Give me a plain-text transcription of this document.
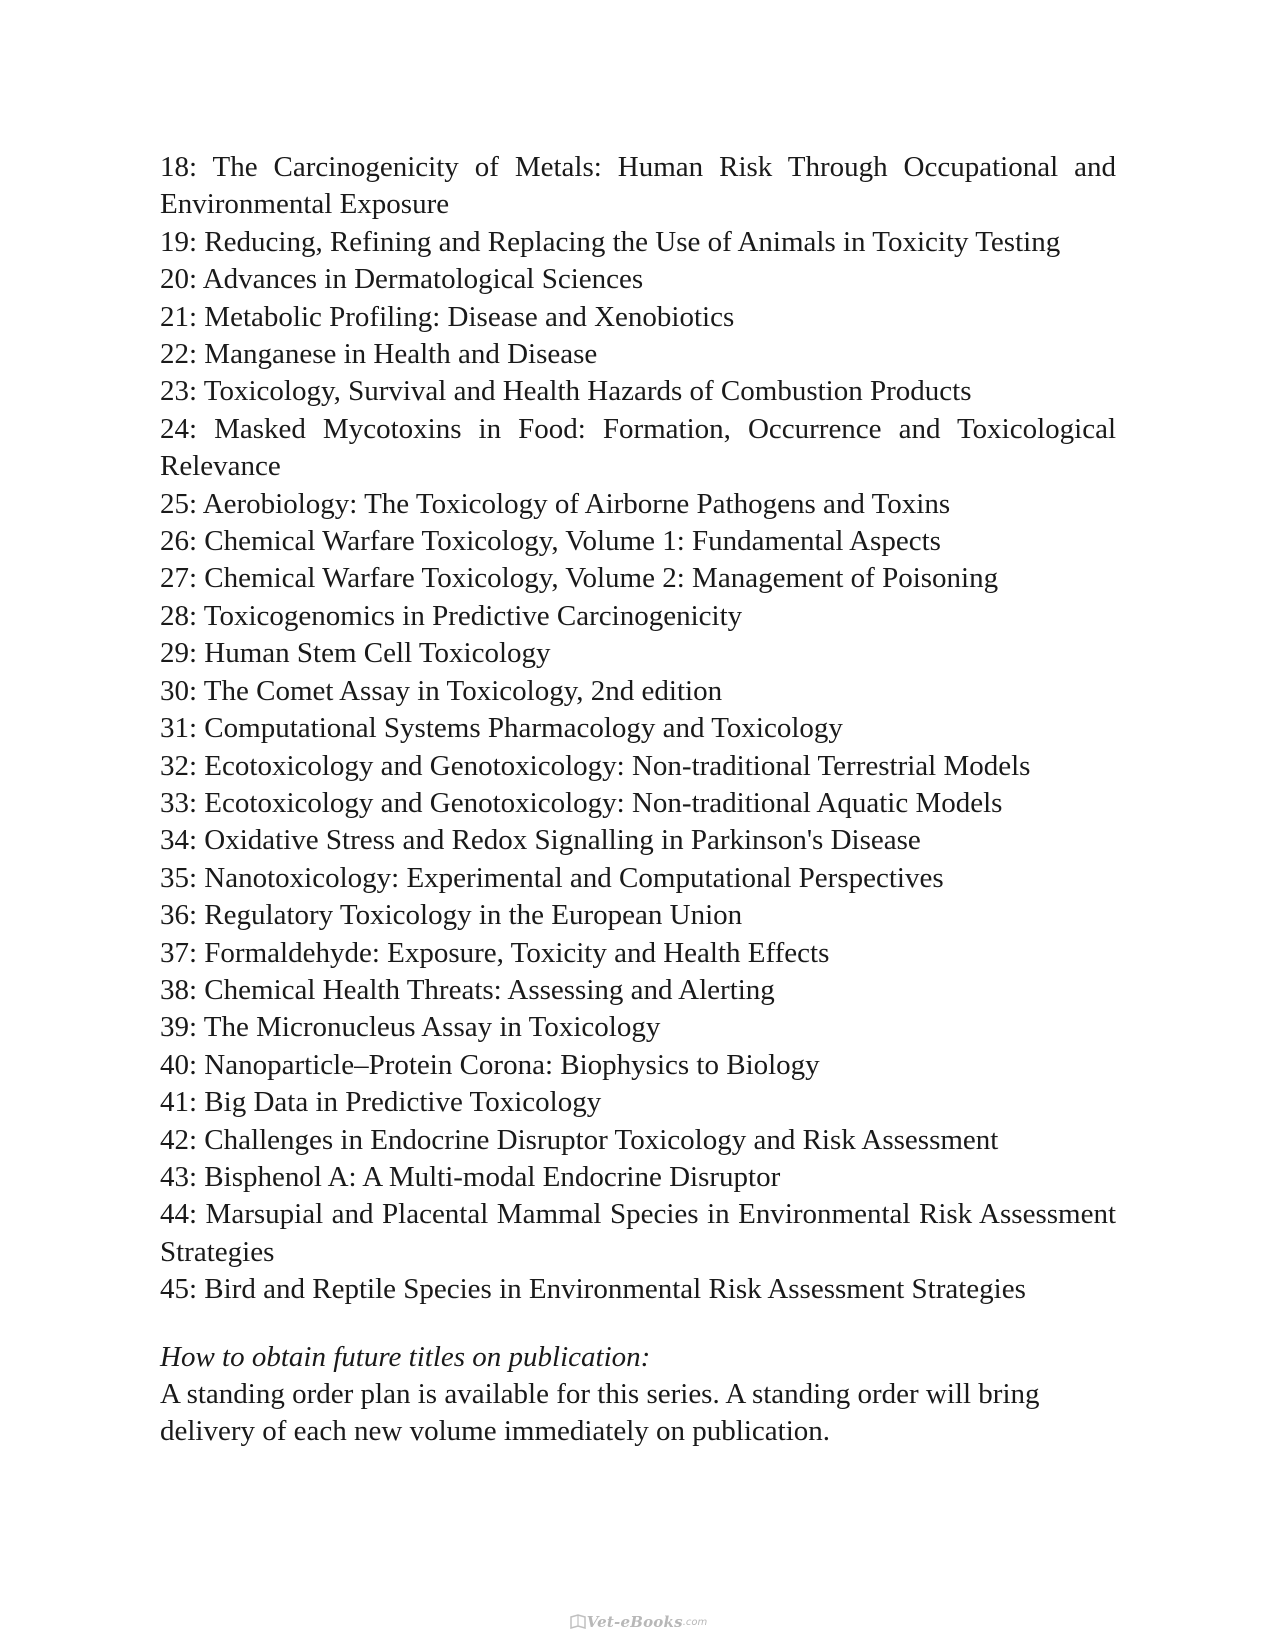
18: The Carcinogenicity of Metals: Human Risk Through Occupational and Environmental Exposure
19: Reducing, Refining and Replacing the Use of Animals in Toxicity Testing
20: Advances in Dermatological Sciences
21: Metabolic Profiling: Disease and Xenobiotics
22: Manganese in Health and Disease
23: Toxicology, Survival and Health Hazards of Combustion Products
24: Masked Mycotoxins in Food: Formation, Occurrence and Toxicological Relevance
25: Aerobiology: The Toxicology of Airborne Pathogens and Toxins
26: Chemical Warfare Toxicology, Volume 1: Fundamental Aspects
27: Chemical Warfare Toxicology, Volume 2: Management of Poisoning
28: Toxicogenomics in Predictive Carcinogenicity
29: Human Stem Cell Toxicology
30: The Comet Assay in Toxicology, 2nd edition
31: Computational Systems Pharmacology and Toxicology
32: Ecotoxicology and Genotoxicology: Non-traditional Terrestrial Models
33: Ecotoxicology and Genotoxicology: Non-traditional Aquatic Models
34: Oxidative Stress and Redox Signalling in Parkinson's Disease
35: Nanotoxicology: Experimental and Computational Perspectives
36: Regulatory Toxicology in the European Union
37: Formaldehyde: Exposure, Toxicity and Health Effects
38: Chemical Health Threats: Assessing and Alerting
39: The Micronucleus Assay in Toxicology
40: Nanoparticle–Protein Corona: Biophysics to Biology
41: Big Data in Predictive Toxicology
42: Challenges in Endocrine Disruptor Toxicology and Risk Assessment
43: Bisphenol A: A Multi-modal Endocrine Disruptor
44: Marsupial and Placental Mammal Species in Environmental Risk Assessment Strategies
45: Bird and Reptile Species in Environmental Risk Assessment Strategies

How to obtain future titles on publication:

A standing order plan is available for this series. A standing order will bring delivery of each new volume immediately on publication.

Vet-eBooks .com
